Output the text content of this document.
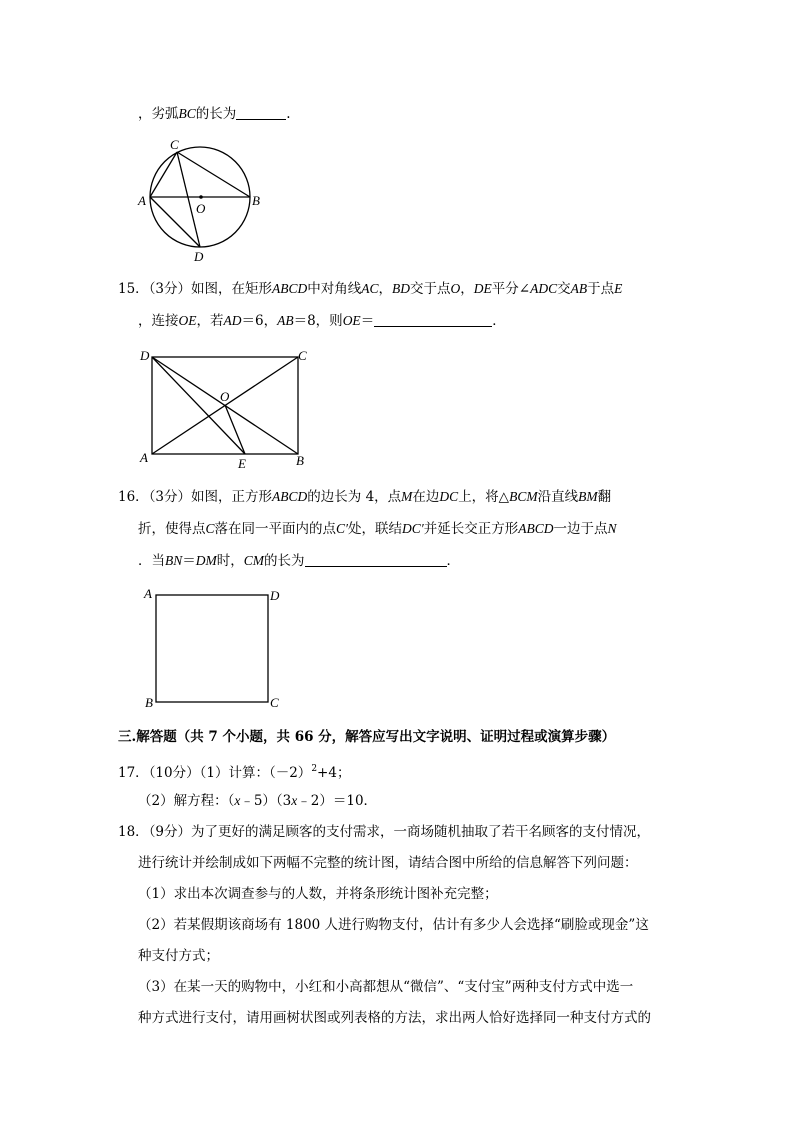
，劣弧BC的长为	.
C
A
O
B
D
15．（3分）如图，在矩形ABCD中对角线AC，BD交于点O，DE平分∠ADC交AB于点E
，连接OE，若AD＝6，AB＝8，则OE＝	．
D	C
O
A	E	B
16．（3分）如图，正方形ABCD的边长为 4，点M在边DC上，将△BCM沿直线BM翻
折，使得点C落在同一平面内的点C′处，联结DC′并延长交正方形ABCD一边于点N
．当BN＝DM时，CM的长为	．
A	D
B	C
三.解答题（共 7 个小题，共 66 分，解答应写出文字说明、证明过程或演算步骤）
17．（10分）（1）计算：$(-2)^2+4$；
（2）解方程：（x﹣5）（3x﹣2）＝10．
18．（9分）为了更好的满足顾客的支付需求，一商场随机抽取了若干名顾客的支付情况，
进行统计并绘制成如下两幅不完整的统计图，请结合图中所给的信息解答下列问题：
（1）求出本次调查参与的人数，并将条形统计图补充完整；
（2）若某假期该商场有 1800 人进行购物支付，估计有多少人会选择“刷脸或现金”这
种支付方式；
（3）在某一天的购物中，小红和小高都想从“微信”、“支付宝”两种支付方式中选一
种方式进行支付，请用画树状图或列表格的方法，求出两人恰好选择同一种支付方式的
